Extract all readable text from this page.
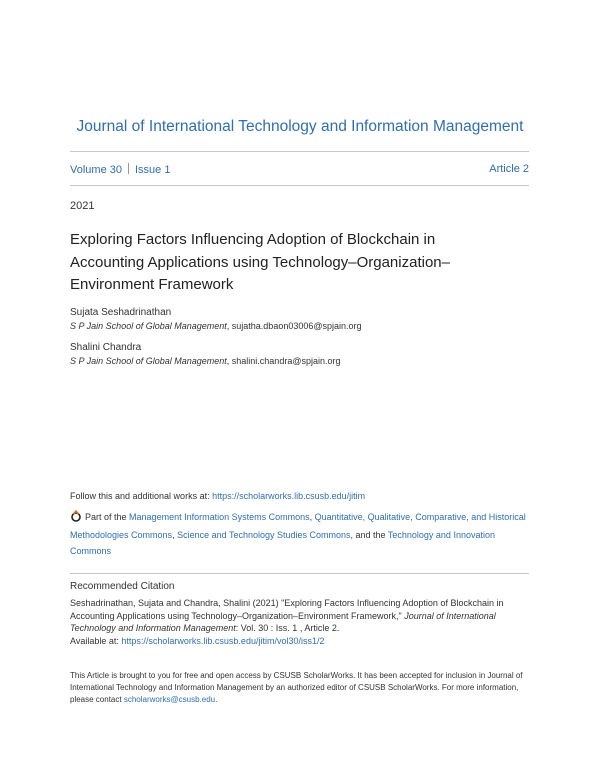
Journal of International Technology and Information Management
Volume 30 Issue 1	Article 2
2021
Exploring Factors Influencing Adoption of Blockchain in Accounting Applications using Technology–Organization–Environment Framework
Sujata Seshadrinathan
S P Jain School of Global Management, sujatha.dbaon03006@spjain.org
Shalini Chandra
S P Jain School of Global Management, shalini.chandra@spjain.org
Follow this and additional works at: https://scholarworks.lib.csusb.edu/jitim
Part of the Management Information Systems Commons, Quantitative, Qualitative, Comparative, and Historical Methodologies Commons, Science and Technology Studies Commons, and the Technology and Innovation Commons
Recommended Citation
Seshadrinathan, Sujata and Chandra, Shalini (2021) "Exploring Factors Influencing Adoption of Blockchain in Accounting Applications using Technology–Organization–Environment Framework," Journal of International Technology and Information Management: Vol. 30 : Iss. 1 , Article 2.
Available at: https://scholarworks.lib.csusb.edu/jitim/vol30/iss1/2
This Article is brought to you for free and open access by CSUSB ScholarWorks. It has been accepted for inclusion in Journal of International Technology and Information Management by an authorized editor of CSUSB ScholarWorks. For more information, please contact scholarworks@csusb.edu.
